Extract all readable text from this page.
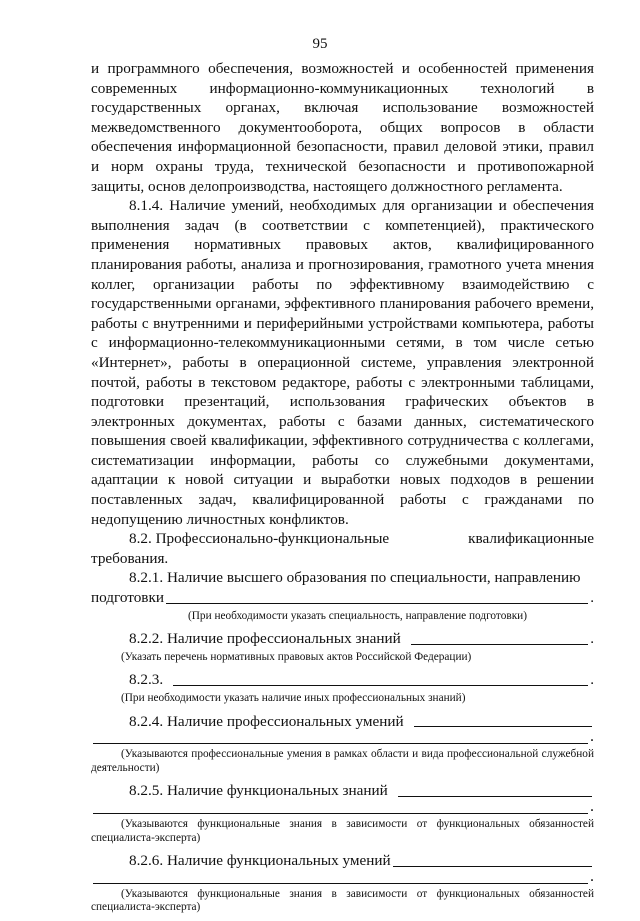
95

и программного обеспечения, возможностей и особенностей применения современных информационно-коммуникационных технологий в государственных органах, включая использование возможностей межведомственного документооборота, общих вопросов в области обеспечения информационной безопасности, правил деловой этики, правил и норм охраны труда, технической безопасности и противопожарной защиты, основ делопроизводства, настоящего должностного регламента.

8.1.4. Наличие умений, необходимых для организации и обеспечения выполнения задач (в соответствии с компетенцией), практического применения нормативных правовых актов, квалифицированного планирования работы, анализа и прогнозирования, грамотного учета мнения коллег, организации работы по эффективному взаимодействию с государственными органами, эффективного планирования рабочего времени, работы с внутренними и периферийными устройствами компьютера, работы с информационно-телекоммуникационными сетями, в том числе сетью «Интернет», работы в операционной системе, управления электронной почтой, работы в текстовом редакторе, работы с электронными таблицами, подготовки презентаций, использования графических объектов в электронных документах, работы с базами данных, систематического повышения своей квалификации, эффективного сотрудничества с коллегами, систематизации информации, работы со служебными документами, адаптации к новой ситуации и выработки новых подходов в решении поставленных задач, квалифицированной работы с гражданами по недопущению личностных конфликтов.

8.2. Профессионально-функциональные	квалификационные

требования.

8.2.1. Наличие высшего образования по специальности, направлению

подготовки	.
(При необходимости указать специальность, направление подготовки)
8.2.2. Наличие профессиональных знаний	.
(Указать перечень нормативных правовых актов Российской Федерации)
8.2.3.	.
(При необходимости указать наличие иных профессиональных знаний)
8.2.4. Наличие профессиональных умений
.
(Указываются профессиональные умения в рамках области и вида профессиональной служебной деятельности)
8.2.5. Наличие функциональных знаний
.
(Указываются функциональные знания в зависимости от функциональных обязанностей специалиста-эксперта)
8.2.6. Наличие функциональных умений
.
(Указываются функциональные знания в зависимости от функциональных обязанностей специалиста-эксперта)
